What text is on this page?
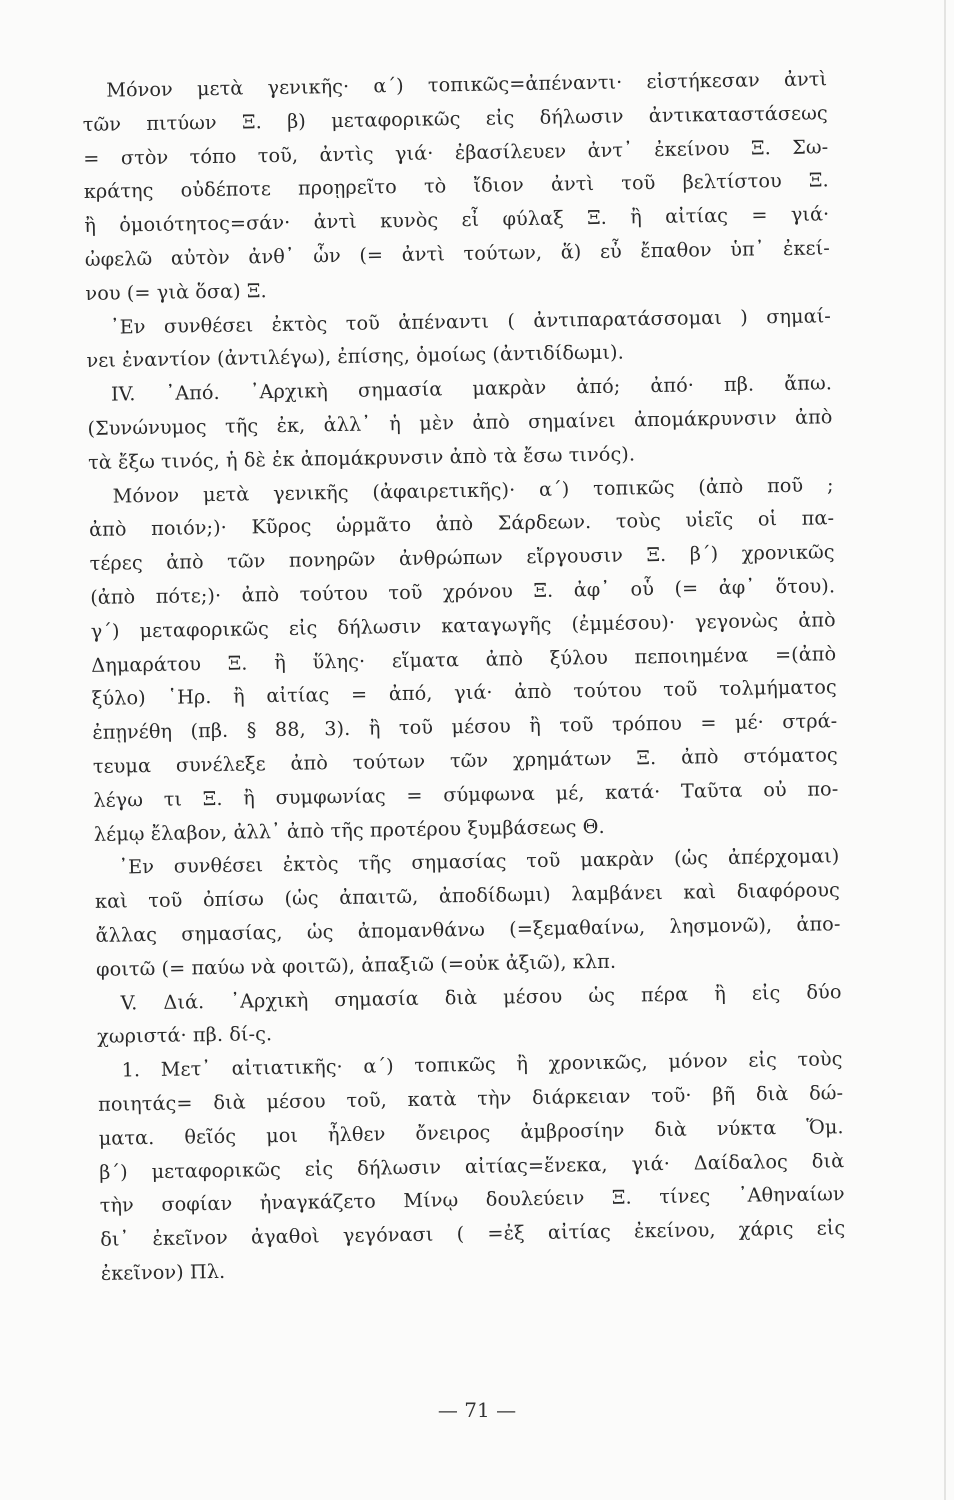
Μόνον μετὰ γενικῆς· α΄) τοπικῶς=ἀπέναντι· εἰστήκεσαν ἀντὶ

τῶν πιτύων Ξ. β) μεταφορικῶς εἰς δήλωσιν ἀντικαταστάσεως

= στὸν τόπο τοῦ, ἀντὶς γιά· ἐβασίλευεν ἀντ᾿ ἐκείνου Ξ. Σω-

κράτης οὐδέποτε προῃρεῖτο τὸ ἴδιον ἀντὶ τοῦ βελτίστου Ξ.

ἢ ὁμοιότητος=σάν· ἀντὶ κυνὸς εἶ φύλαξ Ξ. ἢ αἰτίας = γιά·

ὠφελῶ αὐτὸν ἀνθ᾿ ὧν (= ἀντὶ τούτων, ἅ) εὖ ἔπαθον ὑπ᾿ ἐκεί-

νου (= γιὰ ὅσα) Ξ.

᾿Εν συνθέσει ἐκτὸς τοῦ ἀπέναντι ( ἀντιπαρατάσσομαι ) σημαί-

νει ἐναντίον (ἀντιλέγω), ἐπίσης, ὁμοίως (ἀντιδίδωμι).

IV. ᾿Από. ᾿Αρχικὴ σημασία μακρὰν ἀπό; ἀπό· πβ. ἄπω.

(Συνώνυμος τῆς ἐκ, ἀλλ᾿ ἡ μὲν ἀπὸ σημαίνει ἀπομάκρυνσιν ἀπὸ

τὰ ἔξω τινός, ἡ δὲ ἐκ ἀπομάκρυνσιν ἀπὸ τὰ ἔσω τινός).

Μόνον μετὰ γενικῆς (ἀφαιρετικῆς)· α΄) τοπικῶς (ἀπὸ ποῦ ;

ἀπὸ ποιόν;)· Κῦρος ὡρμᾶτο ἀπὸ Σάρδεων. τοὺς υἱεῖς οἱ πα-

τέρες ἀπὸ τῶν πονηρῶν ἀνθρώπων εἴργουσιν Ξ. β΄) χρονικῶς

(ἀπὸ πότε;)· ἀπὸ τούτου τοῦ χρόνου Ξ. ἀφ᾿ οὗ (= ἀφ᾿ ὅτου).

γ΄) μεταφορικῶς εἰς δήλωσιν καταγωγῆς (ἐμμέσου)· γεγονὼς ἀπὸ

Δημαράτου Ξ. ἢ ὕλης· εἵματα ἀπὸ ξύλου πεποιημένα =(ἀπὸ

ξύλο) ῾Ηρ. ἢ αἰτίας = ἀπό, γιά· ἀπὸ τούτου τοῦ τολμήματος

ἐπῃνέθη (πβ. § 88, 3). ἢ τοῦ μέσου ἢ τοῦ τρόπου = μέ· στρά-

τευμα συνέλεξε ἀπὸ τούτων τῶν χρημάτων Ξ. ἀπὸ στόματος

λέγω τι Ξ. ἢ συμφωνίας = σύμφωνα μέ, κατά· Ταῦτα οὐ πο-

λέμῳ ἔλαβον, ἀλλ᾿ ἀπὸ τῆς προτέρου ξυμβάσεως Θ.

᾿Εν συνθέσει ἐκτὸς τῆς σημασίας τοῦ μακρὰν (ὡς ἀπέρχομαι)

καὶ τοῦ ὀπίσω (ὡς ἀπαιτῶ, ἀποδίδωμι) λαμβάνει καὶ διαφόρους

ἄλλας σημασίας, ὡς ἀπομανθάνω (=ξεμαθαίνω, λησμονῶ), ἀπο-

φοιτῶ (= παύω νὰ φοιτῶ), ἀπαξιῶ (=οὐκ ἀξιῶ), κλπ.

V. Διά. ᾿Αρχικὴ σημασία διὰ μέσου ὡς πέρα ἢ εἰς δύο

χωριστά· πβ. δί-ς.

1. Μετ᾿ αἰτιατικῆς· α΄) τοπικῶς ἢ χρονικῶς, μόνον εἰς τοὺς

ποιητάς= διὰ μέσου τοῦ, κατὰ τὴν διάρκειαν τοῦ· βῆ διὰ δώ-

ματα. θεῖός μοι ἦλθεν ὄνειρος ἀμβροσίην διὰ νύκτα Ὅμ.

β΄) μεταφορικῶς εἰς δήλωσιν αἰτίας=ἕνεκα, γιά· Δαίδαλος διὰ

τὴν σοφίαν ἠναγκάζετο Μίνῳ δουλεύειν Ξ. τίνες ᾿Αθηναίων

δι᾿ ἐκεῖνον ἀγαθοὶ γεγόνασι ( =ἐξ αἰτίας ἐκείνου, χάρις εἰς

ἐκεῖνον) Πλ.

— 71 —
